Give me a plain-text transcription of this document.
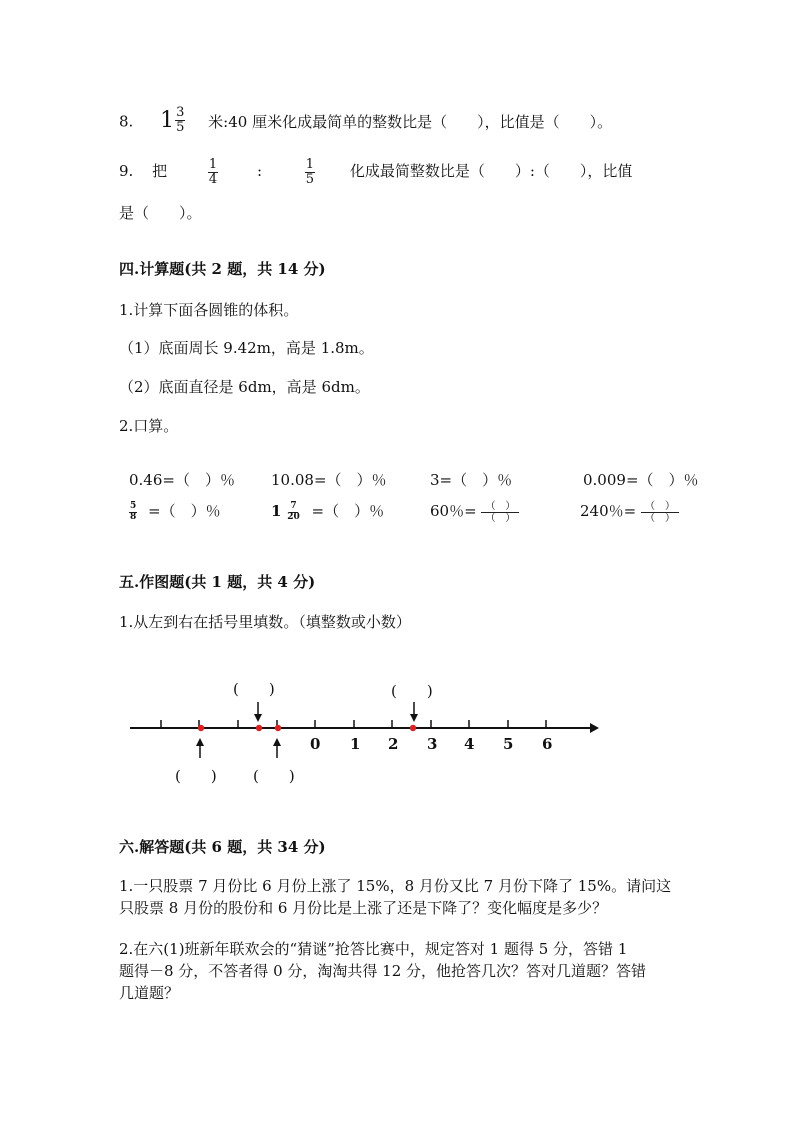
8. $1 \frac{3}{5}$ 米:40 厘米化成最简单的整数比是（　　），比值是（　　）。
9. 把	$\frac{1}{4}$	:	$\frac{1}{5}$ 化成最简整数比是（　　）:（　　），比值
是（　　）。
四.计算题(共 2 题，共 14 分)
1.计算下面各圆锥的体积。
（1）底面周长 9.42m，高是 1.8m。
（2）底面直径是 6dm，高是 6dm。
2.口算。
0.46=（　）％ 10.08=（　）％	3=（　）％	0.009=（　）％
$\frac{5}{8}$ =（　）％	$1 \frac{7}{20}$ =（　）％	60％= $\frac{( )}{( )}$	240％= $\frac{( )}{( )}$
五.作图题(共 1 题，共 4 分)
1.从左到右在括号里填数。（填整数或小数）
0 1 2 3 4 5 6
(　　)	(　　)
(　　) (　　)
六.解答题(共 6 题，共 34 分)
1.一只股票 7 月份比 6 月份上涨了 15%，8 月份又比 7 月份下降了 15%。请问这
只股票 8 月份的股份和 6 月份比是上涨了还是下降了？变化幅度是多少？
2.在六(1)班新年联欢会的“猜谜”抢答比赛中，规定答对 1 题得 5 分，答错 1
题得－8 分，不答者得 0 分，淘淘共得 12 分，他抢答几次？答对几道题？答错
几道题？
